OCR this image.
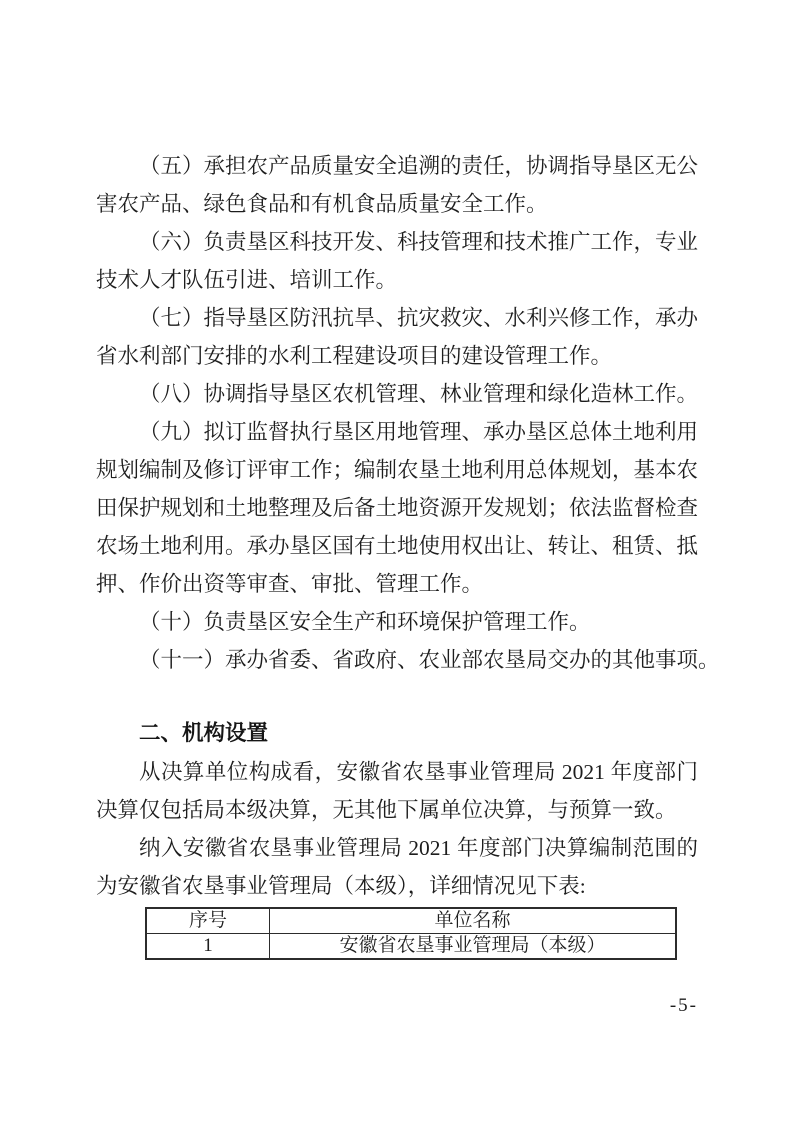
（五）承担农产品质量安全追溯的责任，协调指导垦区无公
害农产品、绿色食品和有机食品质量安全工作。
（六）负责垦区科技开发、科技管理和技术推广工作，专业
技术人才队伍引进、培训工作。
（七）指导垦区防汛抗旱、抗灾救灾、水利兴修工作，承办
省水利部门安排的水利工程建设项目的建设管理工作。
（八）协调指导垦区农机管理、林业管理和绿化造林工作。
（九）拟订监督执行垦区用地管理、承办垦区总体土地利用
规划编制及修订评审工作；编制农垦土地利用总体规划，基本农
田保护规划和土地整理及后备土地资源开发规划；依法监督检查
农场土地利用。承办垦区国有土地使用权出让、转让、租赁、抵
押、作价出资等审查、审批、管理工作。
（十）负责垦区安全生产和环境保护管理工作。
（十一）承办省委、省政府、农业部农垦局交办的其他事项。
二、机构设置
从决算单位构成看，安徽省农垦事业管理局 2021 年度部门
决算仅包括局本级决算，无其他下属单位决算，与预算一致。
纳入安徽省农垦事业管理局 2021 年度部门决算编制范围的
为安徽省农垦事业管理局（本级），详细情况见下表:
序号	单位名称
1	安徽省农垦事业管理局（本级）
-5-
